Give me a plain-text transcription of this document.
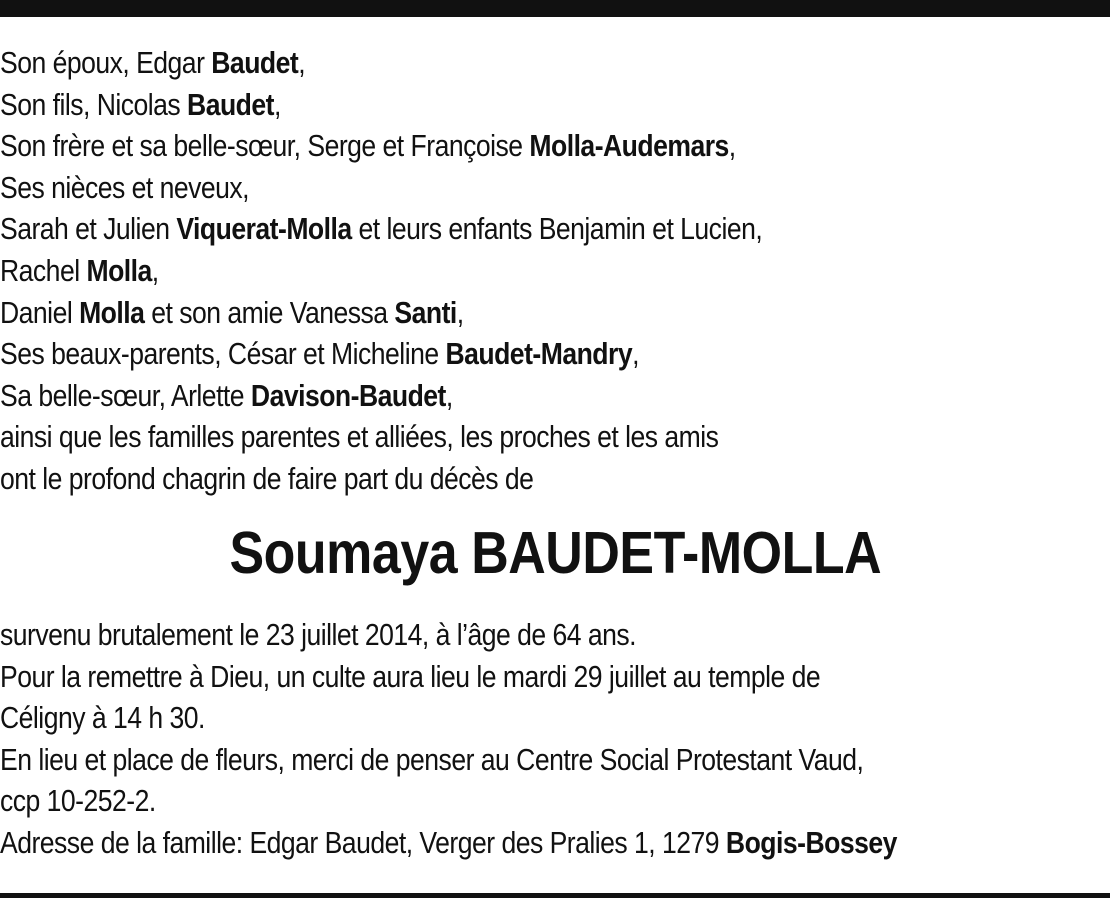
Son époux, Edgar Baudet,
Son fils, Nicolas Baudet,
Son frère et sa belle-sœur, Serge et Françoise Molla-Audemars,
Ses nièces et neveux,
Sarah et Julien Viquerat-Molla et leurs enfants Benjamin et Lucien,
Rachel Molla,
Daniel Molla et son amie Vanessa Santi,
Ses beaux-parents, César et Micheline Baudet-Mandry,
Sa belle-sœur, Arlette Davison-Baudet,
ainsi que les familles parentes et alliées, les proches et les amis
ont le profond chagrin de faire part du décès de
Soumaya BAUDET-MOLLA
survenu brutalement le 23 juillet 2014, à l’âge de 64 ans.
Pour la remettre à Dieu, un culte aura lieu le mardi 29 juillet au temple de
Céligny à 14 h 30.
En lieu et place de fleurs, merci de penser au Centre Social Protestant Vaud,
ccp 10-252-2.
Adresse de la famille: Edgar Baudet, Verger des Pralies 1, 1279 Bogis-Bossey
